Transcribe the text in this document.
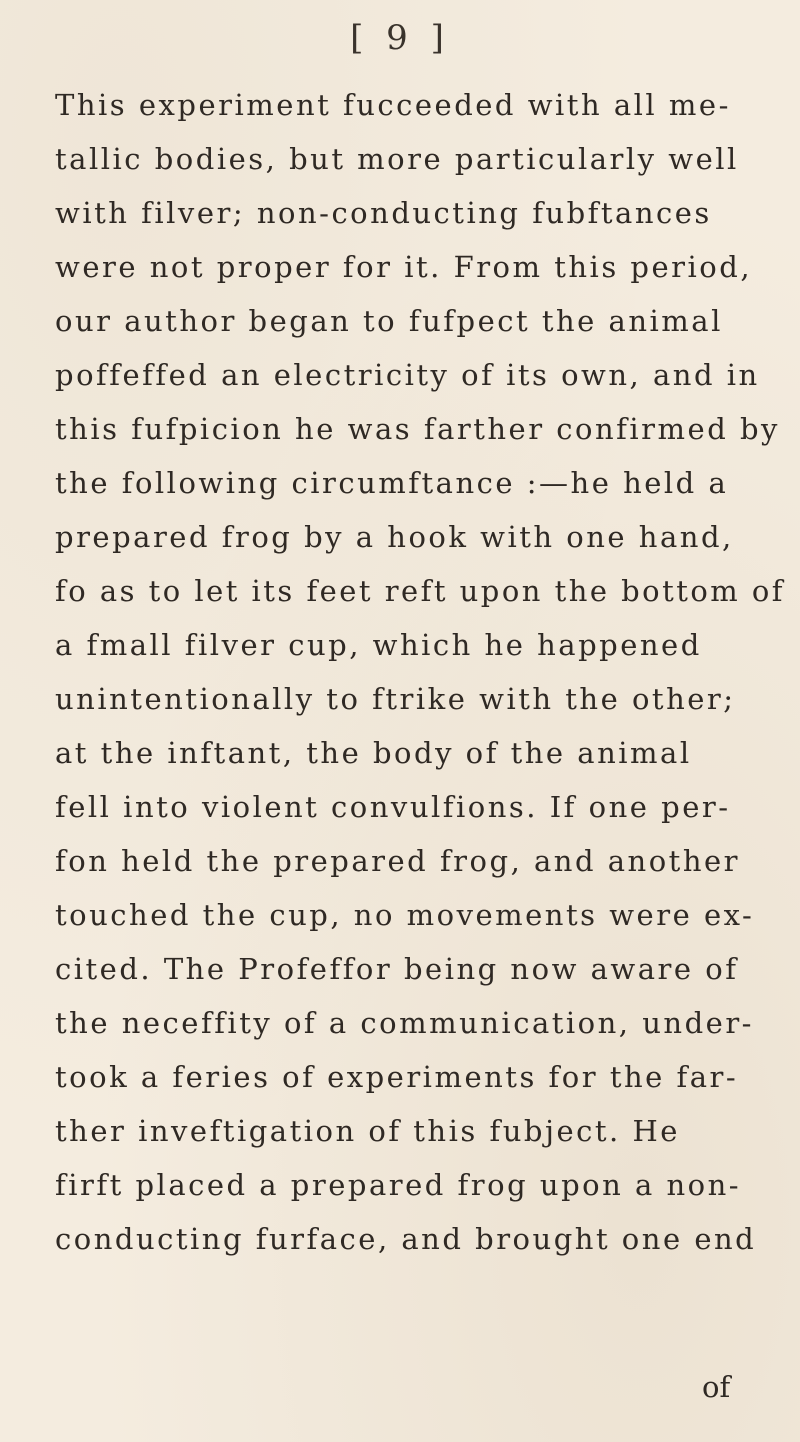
[ 9 ]
This experiment fucceeded with all me-
tallic bodies, but more particularly well
with filver; non-conducting fubftances
were not proper for it. From this period,
our author began to fufpect the animal
poffeffed an electricity of its own, and in
this fufpicion he was farther confirmed by
the following circumftance :—he held a
prepared frog by a hook with one hand,
fo as to let its feet reft upon the bottom of
a fmall filver cup, which he happened
unintentionally to ftrike with the other;
at the inftant, the body of the animal
fell into violent convulfions. If one per-
fon held the prepared frog, and another
touched the cup, no movements were ex-
cited. The Profeffor being now aware of
the neceffity of a communication, under-
took a feries of experiments for the far-
ther inveftigation of this fubject. He
firft placed a prepared frog upon a non-
conducting furface, and brought one end
of
